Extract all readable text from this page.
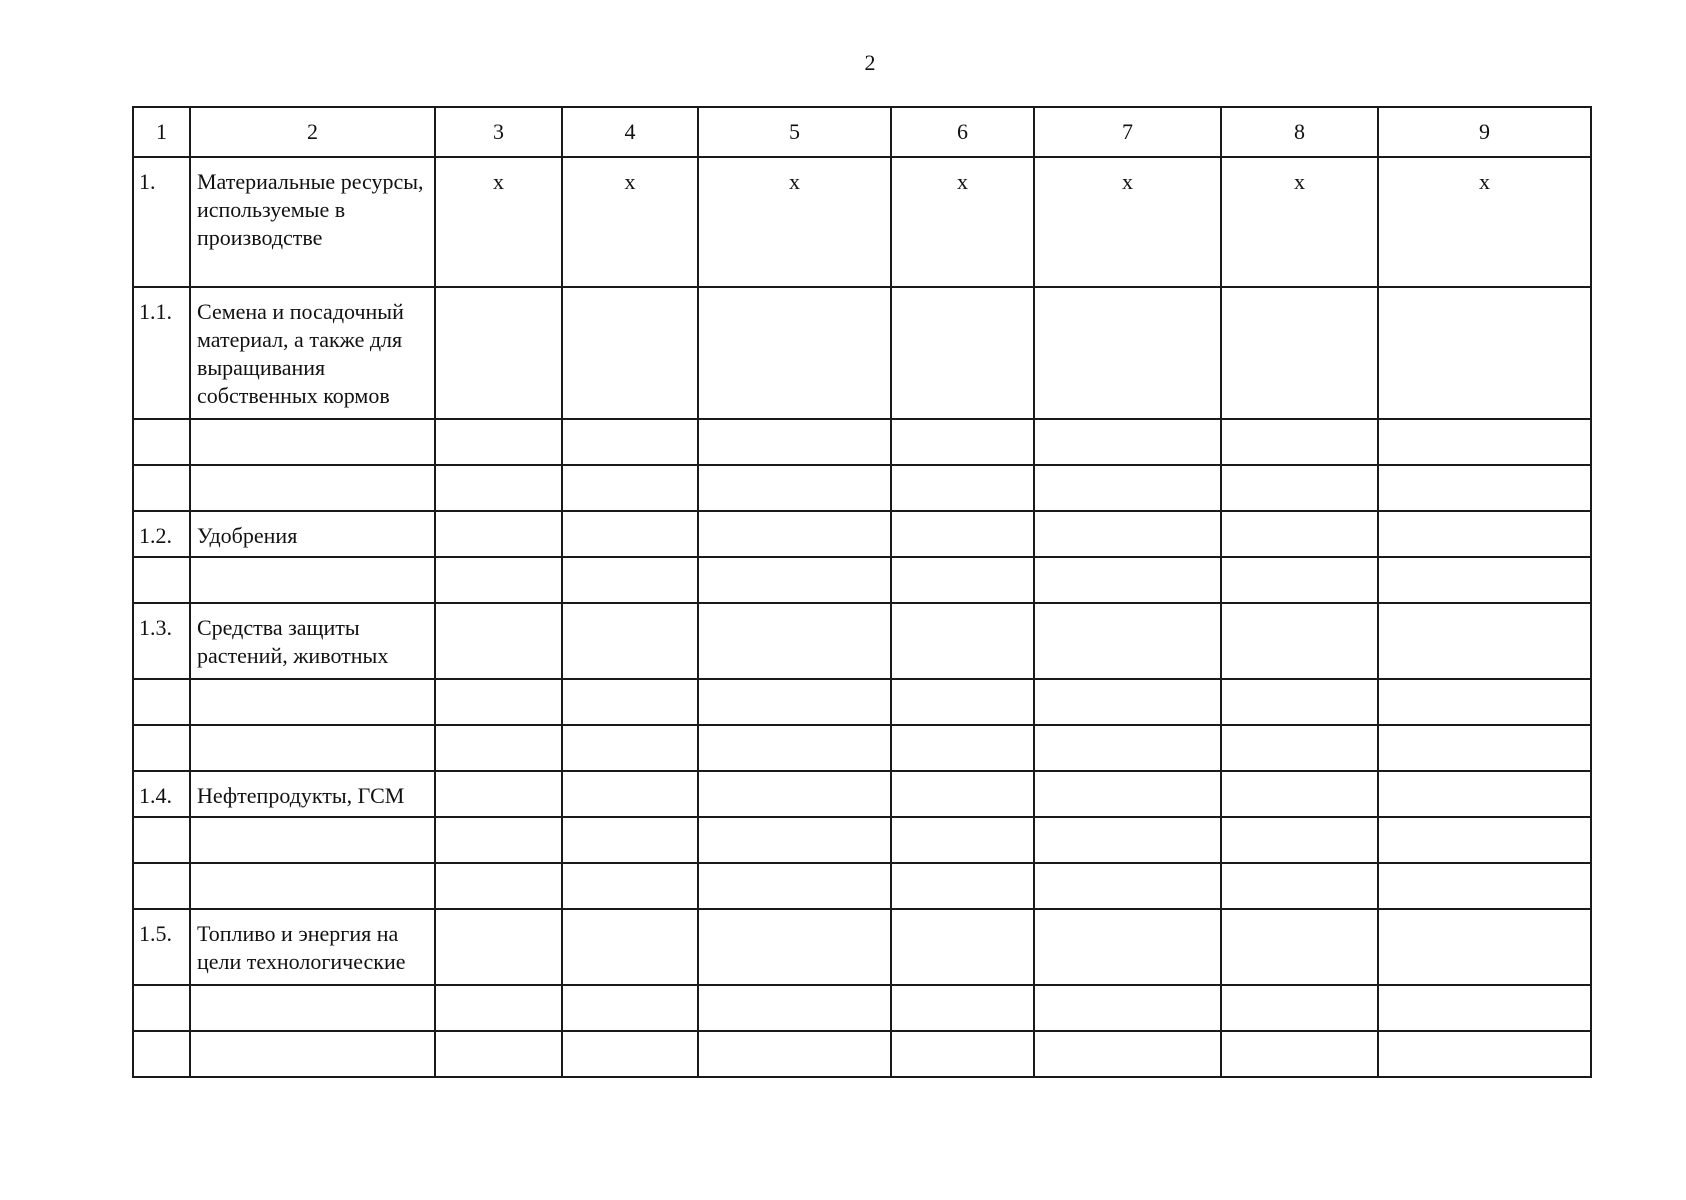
2
1	2	3	4	5	6	7	8	9
1.	Материальные ресурсы, используемые в производстве	x	x	x	x	x	x	x
1.1.	Семена и посадочный материал, а также для выращивания собственных кормов							

1.2.	Удобрения							

1.3.	Средства защиты растений, животных							

1.4.	Нефтепродукты, ГСМ							

1.5.	Топливо и энергия на цели технологические							
